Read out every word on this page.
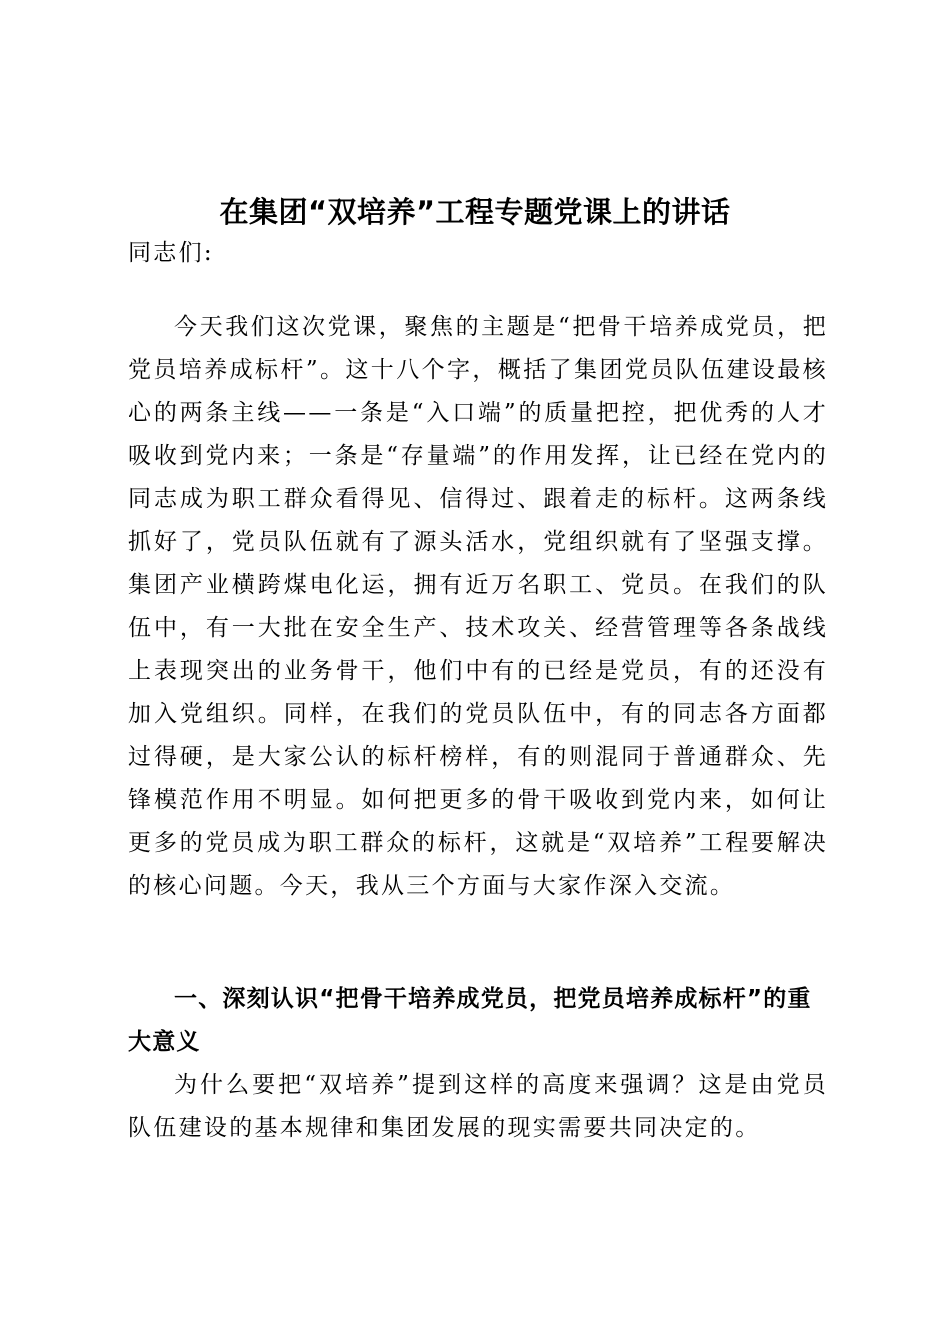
在集团“双培养”工程专题党课上的讲话

同志们:

今天我们这次党课，聚焦的主题是“把骨干培养成党员，把党员培养成标杆”。这十八个字，概括了集团党员队伍建设最核心的两条主线——一条是“入口端”的质量把控，把优秀的人才吸收到党内来；一条是“存量端”的作用发挥，让已经在党内的同志成为职工群众看得见、信得过、跟着走的标杆。这两条线抓好了，党员队伍就有了源头活水，党组织就有了坚强支撑。集团产业横跨煤电化运，拥有近万名职工、党员。在我们的队伍中，有一大批在安全生产、技术攻关、经营管理等各条战线上表现突出的业务骨干，他们中有的已经是党员，有的还没有加入党组织。同样，在我们的党员队伍中，有的同志各方面都过得硬，是大家公认的标杆榜样，有的则混同于普通群众、先锋模范作用不明显。如何把更多的骨干吸收到党内来，如何让更多的党员成为职工群众的标杆，这就是“双培养”工程要解决的核心问题。今天，我从三个方面与大家作深入交流。

一、深刻认识“把骨干培养成党员，把党员培养成标杆”的重大意义

为什么要把“双培养”提到这样的高度来强调？这是由党员队伍建设的基本规律和集团发展的现实需要共同决定的。
